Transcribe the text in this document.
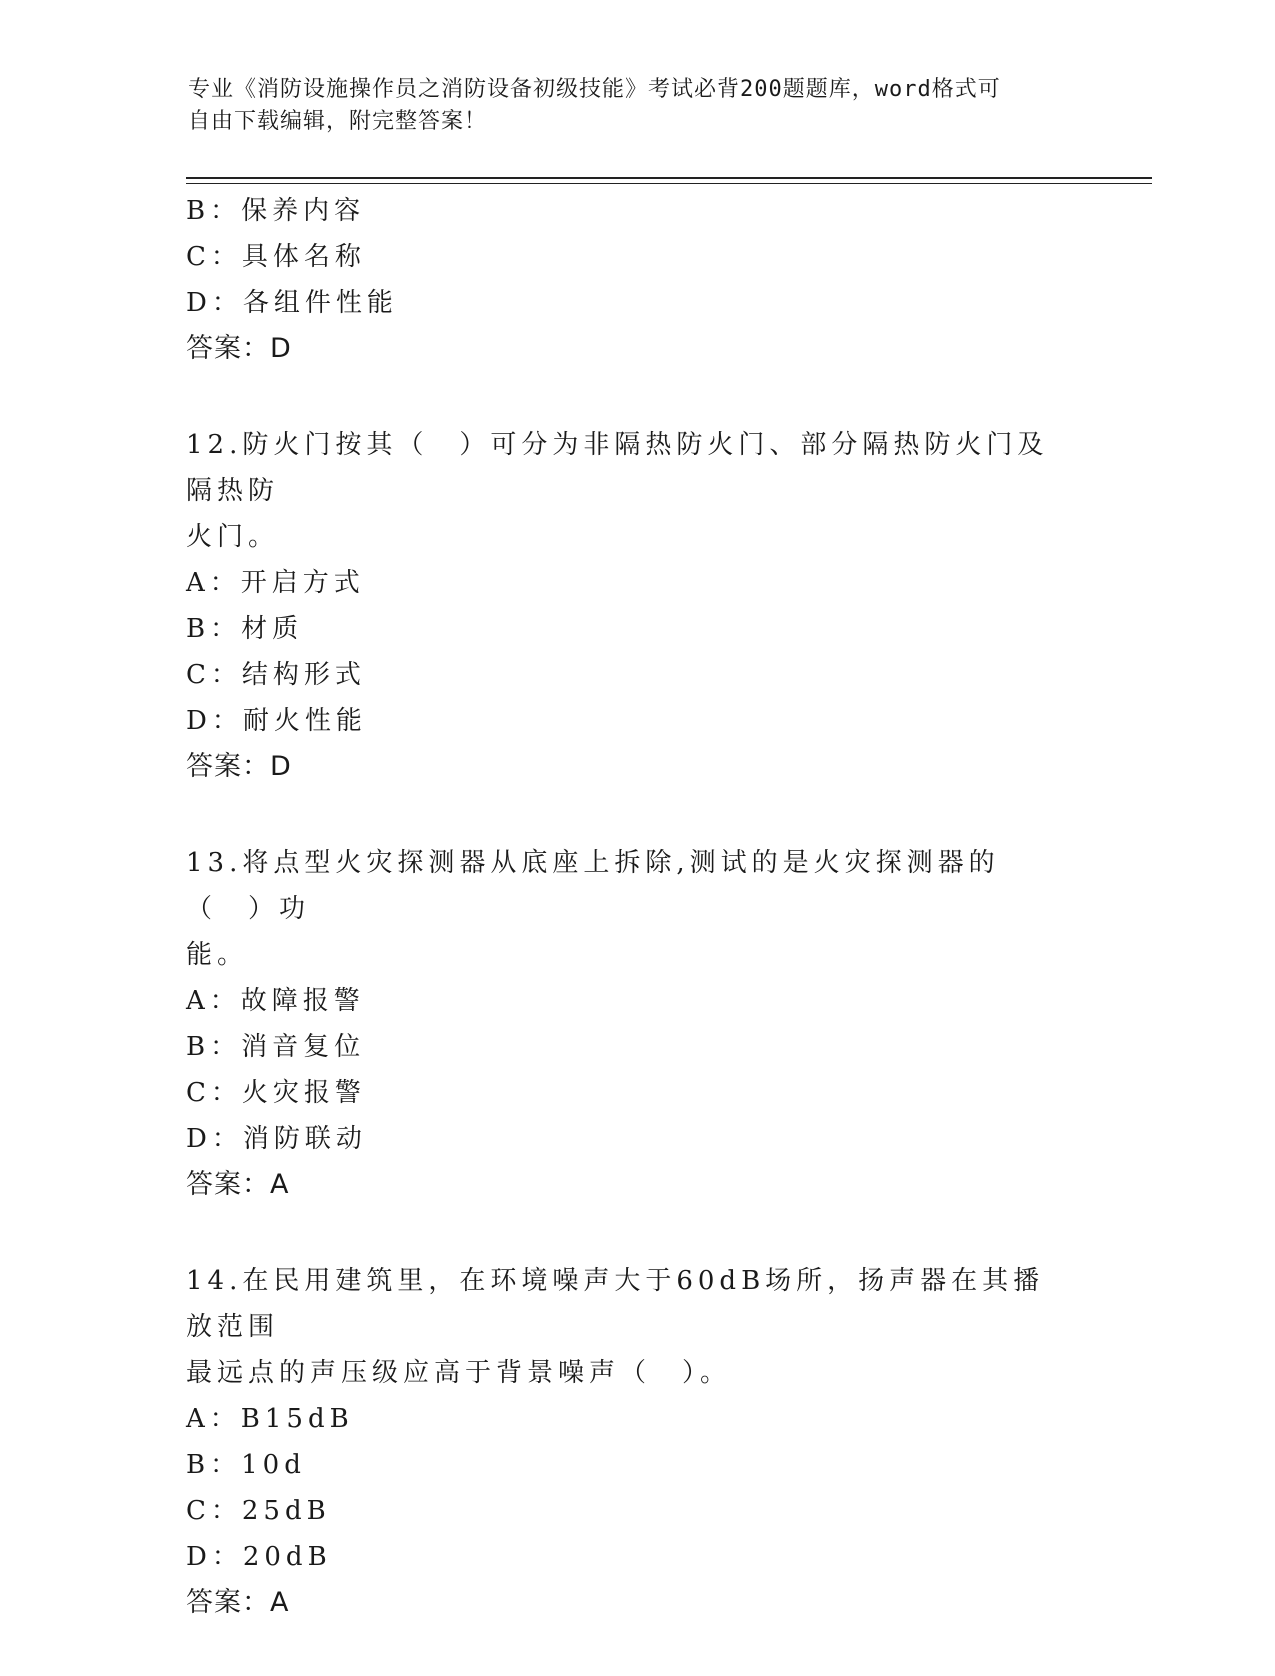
专业《消防设施操作员之消防设备初级技能》考试必背200题题库，word格式可
自由下载编辑，附完整答案！
B：保养内容
C：具体名称
D：各组件性能
答案：D
12.防火门按其（　）可分为非隔热防火门、部分隔热防火门及隔热防
火门。
A：开启方式
B：材质
C：结构形式
D：耐火性能
答案：D
13.将点型火灾探测器从底座上拆除,测试的是火灾探测器的（　）功
能。
A：故障报警
B：消音复位
C：火灾报警
D：消防联动
答案：A
14.在民用建筑里，在环境噪声大于60dB场所，扬声器在其播放范围
最远点的声压级应高于背景噪声（　）。
A：B15dB
B：10d
C：25dB
D：20dB
答案：A
